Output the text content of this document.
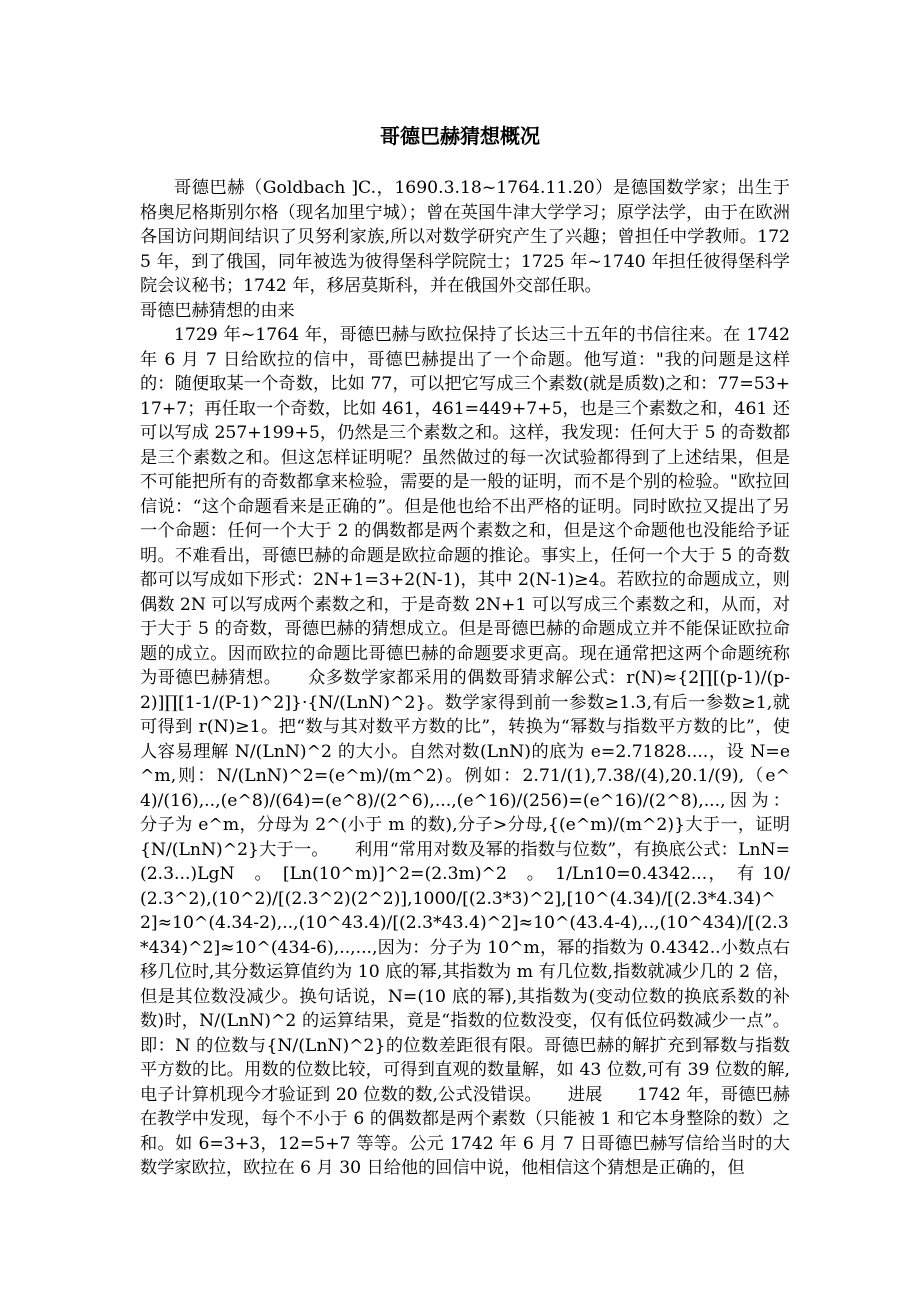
哥德巴赫猜想概况

哥德巴赫（Goldbach ]C.，1690.3.18~1764.11.20）是德国数学家；出生于格奥尼格斯别尔格（现名加里宁城）；曾在英国牛津大学学习；原学法学，由于在欧洲各国访问期间结识了贝努利家族,所以对数学研究产生了兴趣；曾担任中学教师。1725 年，到了俄国，同年被选为彼得堡科学院院士；1725 年~1740 年担任彼得堡科学院会议秘书；1742 年，移居莫斯科，并在俄国外交部任职。

哥德巴赫猜想的由来

1729 年~1764 年，哥德巴赫与欧拉保持了长达三十五年的书信往来。在 1742 年 6 月 7 日给欧拉的信中，哥德巴赫提出了一个命题。他写道："我的问题是这样的：随便取某一个奇数，比如 77，可以把它写成三个素数(就是质数)之和：77=53+17+7；再任取一个奇数，比如 461，461=449+7+5，也是三个素数之和，461 还可以写成 257+199+5，仍然是三个素数之和。这样，我发现：任何大于 5 的奇数都是三个素数之和。但这怎样证明呢？虽然做过的每一次试验都得到了上述结果，但是不可能把所有的奇数都拿来检验，需要的是一般的证明，而不是个别的检验。"欧拉回信说：“这个命题看来是正确的”。但是他也给不出严格的证明。同时欧拉又提出了另一个命题：任何一个大于 2 的偶数都是两个素数之和，但是这个命题他也没能给予证明。不难看出，哥德巴赫的命题是欧拉命题的推论。事实上，任何一个大于 5 的奇数都可以写成如下形式：2N+1=3+2(N-1)，其中 2(N-1)≥4。若欧拉的命题成立，则偶数 2N 可以写成两个素数之和，于是奇数 2N+1 可以写成三个素数之和，从而，对于大于 5 的奇数，哥德巴赫的猜想成立。但是哥德巴赫的命题成立并不能保证欧拉命题的成立。因而欧拉的命题比哥德巴赫的命题要求更高。现在通常把这两个命题统称为哥德巴赫猜想。　　众多数学家都采用的偶数哥猜求解公式：r(N)≈{2∏[(p-1)/(p-2)]∏[1-1/(P-1)^2]}·{N/(LnN)^2}。数学家得到前一参数≥1.3,有后一参数≥1,就可得到 r(N)≥1。把“数与其对数平方数的比”，转换为“幂数与指数平方数的比”，使人容易理解 N/(LnN)^2 的大小。自然对数(LnN)的底为 e=2.71828....，设 N=e^m,则：N/(LnN)^2=(e^m)/(m^2)。例如：2.71/(1),7.38/(4),20.1/(9),（e^4)/(16),..,(e^8)/(64)=(e^8)/(2^6),...,(e^16)/(256)=(e^16)/(2^8),...,因为：分子为 e^m，分母为 2^(小于 m 的数),分子>分母,{(e^m)/(m^2)}大于一，证明{N/(LnN)^2}大于一。　　利用“常用对数及幂的指数与位数”，有换底公式：LnN=(2.3...)LgN　。　[Ln(10^m)]^2=(2.3m)^2　。　1/Ln10=0.4342...，　有 10/(2.3^2),(10^2)/[(2.3^2)(2^2)],1000/[(2.3*3)^2],[10^(4.34)/[(2.3*4.34)^2]≈10^(4.34-2),..,(10^43.4)/[(2.3*43.4)^2]≈10^(43.4-4),..,(10^434)/[(2.3*434)^2]≈10^(434-6),..,...,因为：分子为 10^m，幂的指数为 0.4342..小数点右移几位时,其分数运算值约为 10 底的幂,其指数为 m 有几位数,指数就减少几的 2 倍，但是其位数没减少。换句话说，N=(10 底的幂),其指数为(变动位数的换底系数的补数)时，N/(LnN)^2 的运算结果，竟是“指数的位数没变，仅有低位码数减少一点”。即：N 的位数与{N/(LnN)^2}的位数差距很有限。哥德巴赫的解扩充到幂数与指数平方数的比。用数的位数比较，可得到直观的数量解，如 43 位数,可有 39 位数的解,电子计算机现今才验证到 20 位数的数,公式没错误。　　进展　　1742 年，哥德巴赫在教学中发现，每个不小于 6 的偶数都是两个素数（只能被 1 和它本身整除的数）之和。如 6=3+3，12=5+7 等等。公元 1742 年 6 月 7 日哥德巴赫写信给当时的大数学家欧拉，欧拉在 6 月 30 日给他的回信中说，他相信这个猜想是正确的，但
